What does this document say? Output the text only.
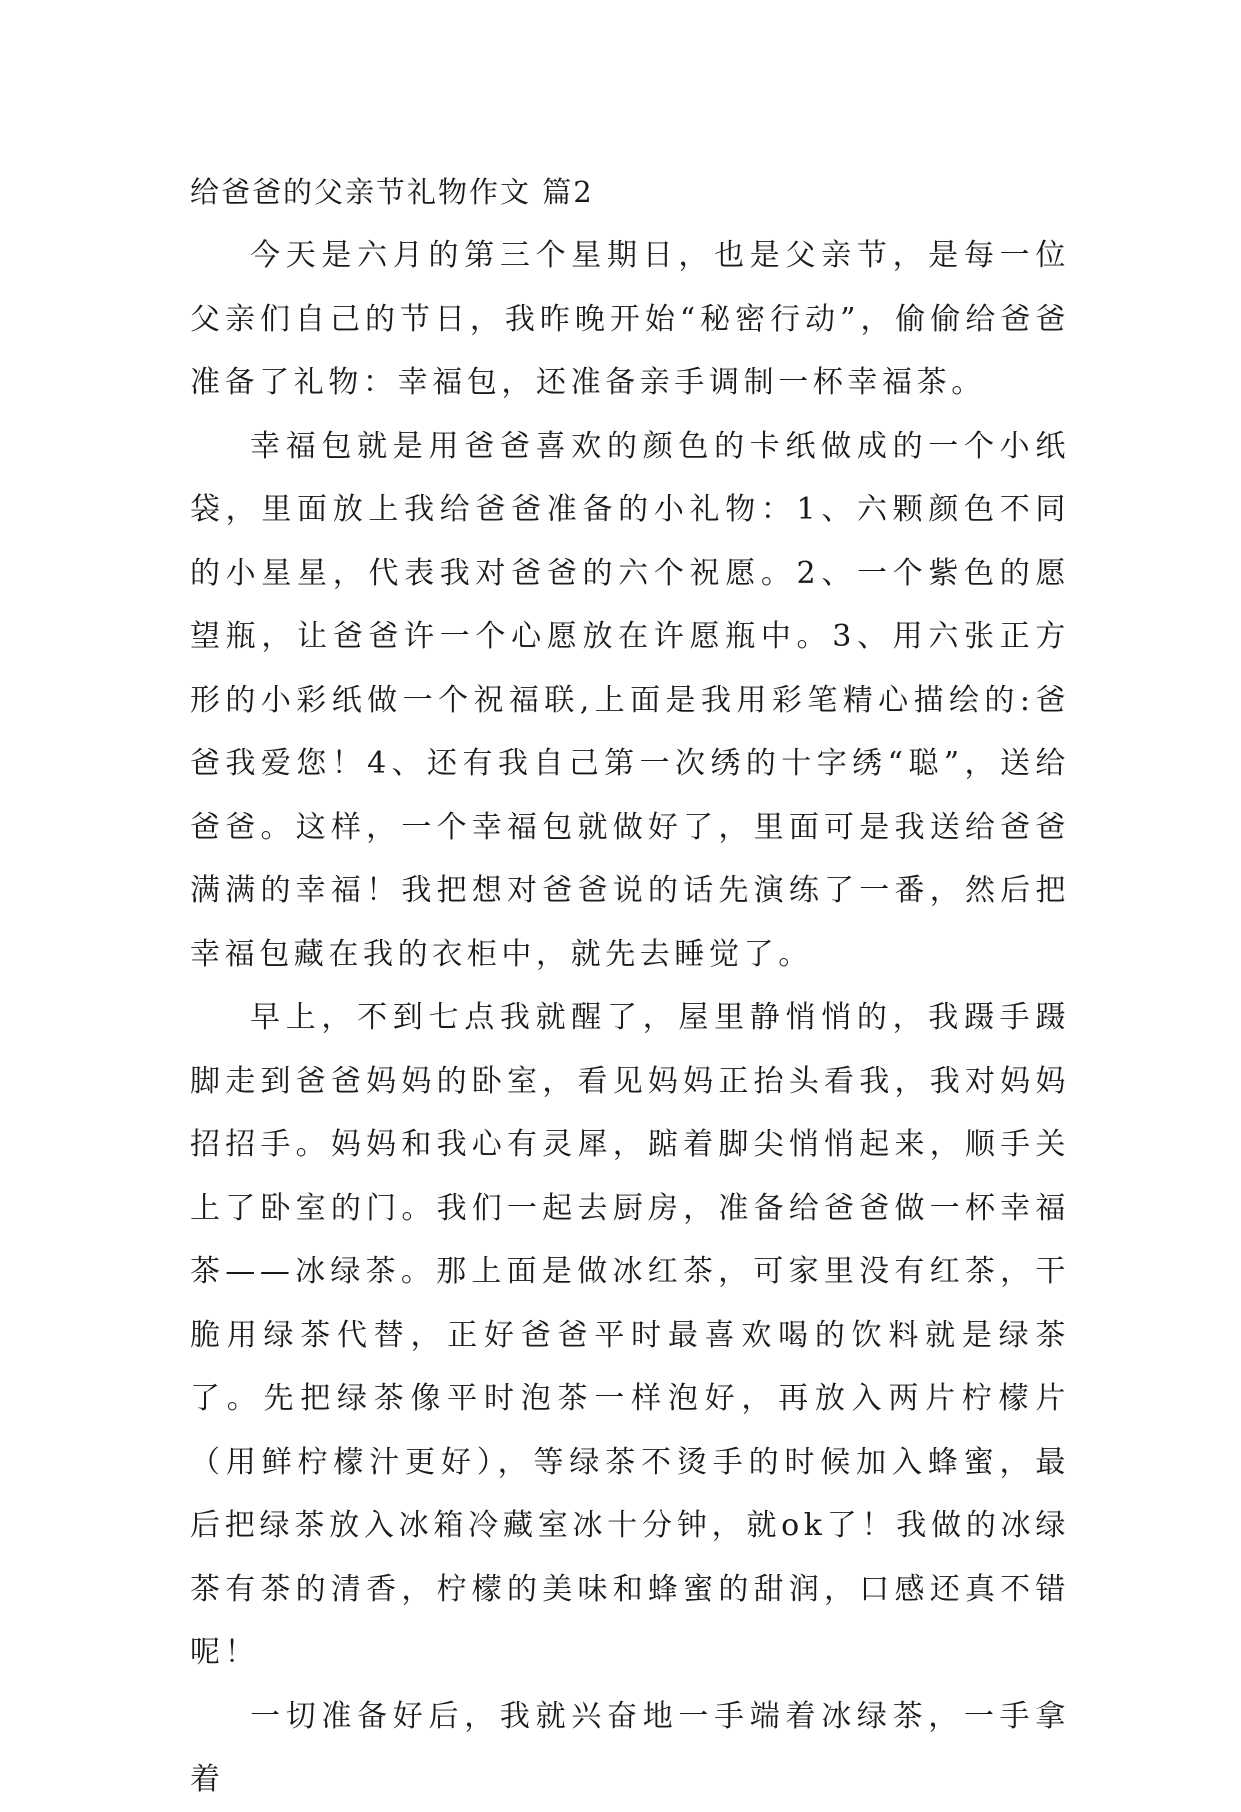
给爸爸的父亲节礼物作文 篇2

今天是六月的第三个星期日，也是父亲节，是每一位父亲们自己的节日，我昨晚开始“秘密行动”，偷偷给爸爸准备了礼物：幸福包，还准备亲手调制一杯幸福茶。

幸福包就是用爸爸喜欢的颜色的卡纸做成的一个小纸袋，里面放上我给爸爸准备的小礼物：1、六颗颜色不同的小星星，代表我对爸爸的六个祝愿。2、一个紫色的愿望瓶，让爸爸许一个心愿放在许愿瓶中。3、用六张正方形的小彩纸做一个祝福联,上面是我用彩笔精心描绘的:爸爸我爱您！4、还有我自己第一次绣的十字绣“聪”，送给爸爸。这样，一个幸福包就做好了，里面可是我送给爸爸满满的幸福！我把想对爸爸说的话先演练了一番，然后把幸福包藏在我的衣柜中，就先去睡觉了。

早上，不到七点我就醒了，屋里静悄悄的，我蹑手蹑脚走到爸爸妈妈的卧室，看见妈妈正抬头看我，我对妈妈招招手。妈妈和我心有灵犀，踮着脚尖悄悄起来，顺手关上了卧室的门。我们一起去厨房，准备给爸爸做一杯幸福茶——冰绿茶。那上面是做冰红茶，可家里没有红茶，干脆用绿茶代替，正好爸爸平时最喜欢喝的饮料就是绿茶了。先把绿茶像平时泡茶一样泡好，再放入两片柠檬片（用鲜柠檬汁更好），等绿茶不烫手的时候加入蜂蜜，最后把绿茶放入冰箱冷藏室冰十分钟，就ok了！我做的冰绿茶有茶的清香，柠檬的美味和蜂蜜的甜润，口感还真不错呢！

一切准备好后，我就兴奋地一手端着冰绿茶，一手拿着
